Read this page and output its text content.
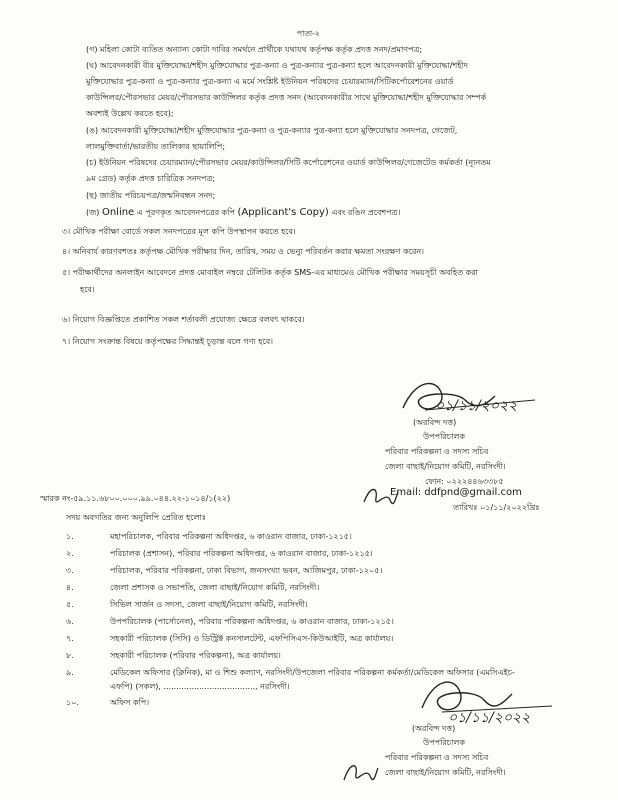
পাতা-২
(গ) মহিলা কোটা ব্যতিত অন্যান্য কোটা দাবির সমর্থনে প্রার্থীকে যথাযথ কর্তৃপক্ষ কর্তৃক প্রদত্ত সনদ/প্রমাণপত্র;
(ঘ) আবেদনকারী বীর মুক্তিযোদ্ধা/শহীদ মুক্তিযোদ্ধার পুত্র-কন্যা ও পুত্র-কন্যার পুত্র-কন্যা হলে আবেদনকারী মুক্তিযোদ্ধা/শহীদ
মুক্তিযোদ্ধার পুত্র-কন্যা ও পুত্র-কন্যার পুত্র-কন্যা এ মর্মে সংশ্লিষ্ট ইউনিয়ন পরিষদের চেয়ারম্যান/সিটিকর্পোরেশনের ওয়ার্ড
কাউন্সিলর/পৌরসভার মেয়র/পৌরসভার কাউন্সিলর কর্তৃক প্রদত্ত সনদ (আবেদনকারীর সাথে মুক্তিযোদ্ধা/শহীদ মুক্তিযোদ্ধার সম্পর্ক
অবশ্যই উল্লেখ করতে হবে);
(ঙ) আবেদনকারী মুক্তিযোদ্ধা/শহীদ মুক্তিযোদ্ধার পুত্র-কন্যা ও পুত্র-কন্যার পুত্র-কন্যা হলে মুক্তিযোদ্ধার সনদপত্র, গেজেট,
লালমুক্তিবার্তা/ভারতীয় তালিকার ছায়ালিপি;
(চ) ইউনিয়ন পরিষদের চেয়ারম্যান/পৌরসভার মেয়র/কাউন্সিলর/সিটি কর্পোরেশনের ওয়ার্ড কাউন্সিলর/গেজেটেড কর্মকর্তা (ন্যূনতম
৯ম গ্রেড) কর্তৃক প্রদত্ত চারিত্রিক সনদপত্র;
(ছ) জাতীয় পরিচয়পত্র/জন্মনিবন্ধন সনদ;
(জ) Online এ পূরণকৃত আবেদনপত্রের কপি (Applicant's Copy) এবং রঙিন প্রবেশপত্র।
৩। মৌখিক পরীক্ষা বোর্ডে সকল সনদপত্রের মূল কপি উপস্থাপন করতে হবে।
৪। অনিবার্য কারণবশতঃ কর্তৃপক্ষ মৌখিক পরীক্ষার দিন, তারিখ, সময় ও ভেন্যু পরিবর্তন করার ক্ষমতা সংরক্ষণ করেন।
৫। পরীক্ষার্থীদের অনলাইন আবেদনে প্রদত্ত মোবাইল নম্বরে টেলিটক কর্তৃক SMS-এর মাধ্যমেও মৌখিক পরীক্ষার সময়সূচী অবহিত করা
হবে।
৬। নিয়োগ বিজ্ঞপ্তিতে প্রকাশিত সকল শর্তাবলী প্রযোজ্য ক্ষেত্রে বলবৎ থাকবে।
৭। নিয়োগ সংক্রান্ত বিষয়ে কর্তৃপক্ষের সিদ্ধান্তই চূড়ান্ত বলে গণ্য হবে।
০১/১১/২০২২
(অরবিন্দ দত্ত)
উপপরিচালক
পরিবার পরিকল্পনা ও সদস্য সচিব
জেলা বাছাই/নিয়োগ কমিটি, নরসিংদী।
ফোন: ০২২২৪৪৬৩৩৮৫
স্মারক নং-৫৯.১১.৬৮০০.০০০.৯৯.০৪৪.২২-১০১৪/১(২২)
Email: ddfpnd@gmail.com
তারিখঃ ০১/১১/২০২২খ্রিঃ
সদয় অবগতির জন্য অনুলিপি প্রেরিত হলোঃ
১.	মহাপরিচালক, পরিবার পরিকল্পনা অধিদপ্তর, ৬ কাওরান বাজার, ঢাকা-১২১৫।
২.	পরিচালক (প্রশাসন), পরিবার পরিকল্পনা অধিদপ্তর, ৬ কাওরান বাজার, ঢাকা-১২১৫।
৩.	পরিচালক, পরিবার পরিকল্পনা, ঢাকা বিভাগ, জনসংখ্যা ভবন, আজিমপুর, ঢাকা-১২০৫।
৪.	জেলা প্রশাসক ও সভাপতি, জেলা বাছাই/নিয়োগ কমিটি, নরসিংদী।
৫.	সিভিল সার্জন ও সদস্য, জেলা বাছাই/নিয়োগ কমিটি, নরসিংদী।
৬.	উপপরিচালক (পার্সোনেল), পরিবার পরিকল্পনা অধিদপ্তর, ৬ কাওরান বাজার, ঢাকা-১২১৫।
৭.	সহকারী পরিচালক (সিসি) ও ডিস্ট্রিক্ট কনসালটেন্ট, এফপিসিএস-কিউআইটি, অত্র কার্যালয়।
৮.	সহকারী পরিচালক (পরিবার পরিকল্পনা), অত্র কার্যালয়।
৯.	মেডিকেল অফিসার (ক্লিনিক), মা ও শিশু কল্যাণ, নরসিংদী/উপজেলা পরিবার পরিকল্পনা কর্মকর্তা/মেডিকেল অফিসার (এমসিএইচ-
এফপি) (সকল), ...................................., নরসিংদী।
১০.	অফিস কপি।
০১/১১/২০২২
(অরবিন্দ দত্ত)
উপপরিচালক
পরিবার পরিকল্পনা ও সদস্য সচিব
জেলা বাছাই/নিয়োগ কমিটি, নরসিংদী।
